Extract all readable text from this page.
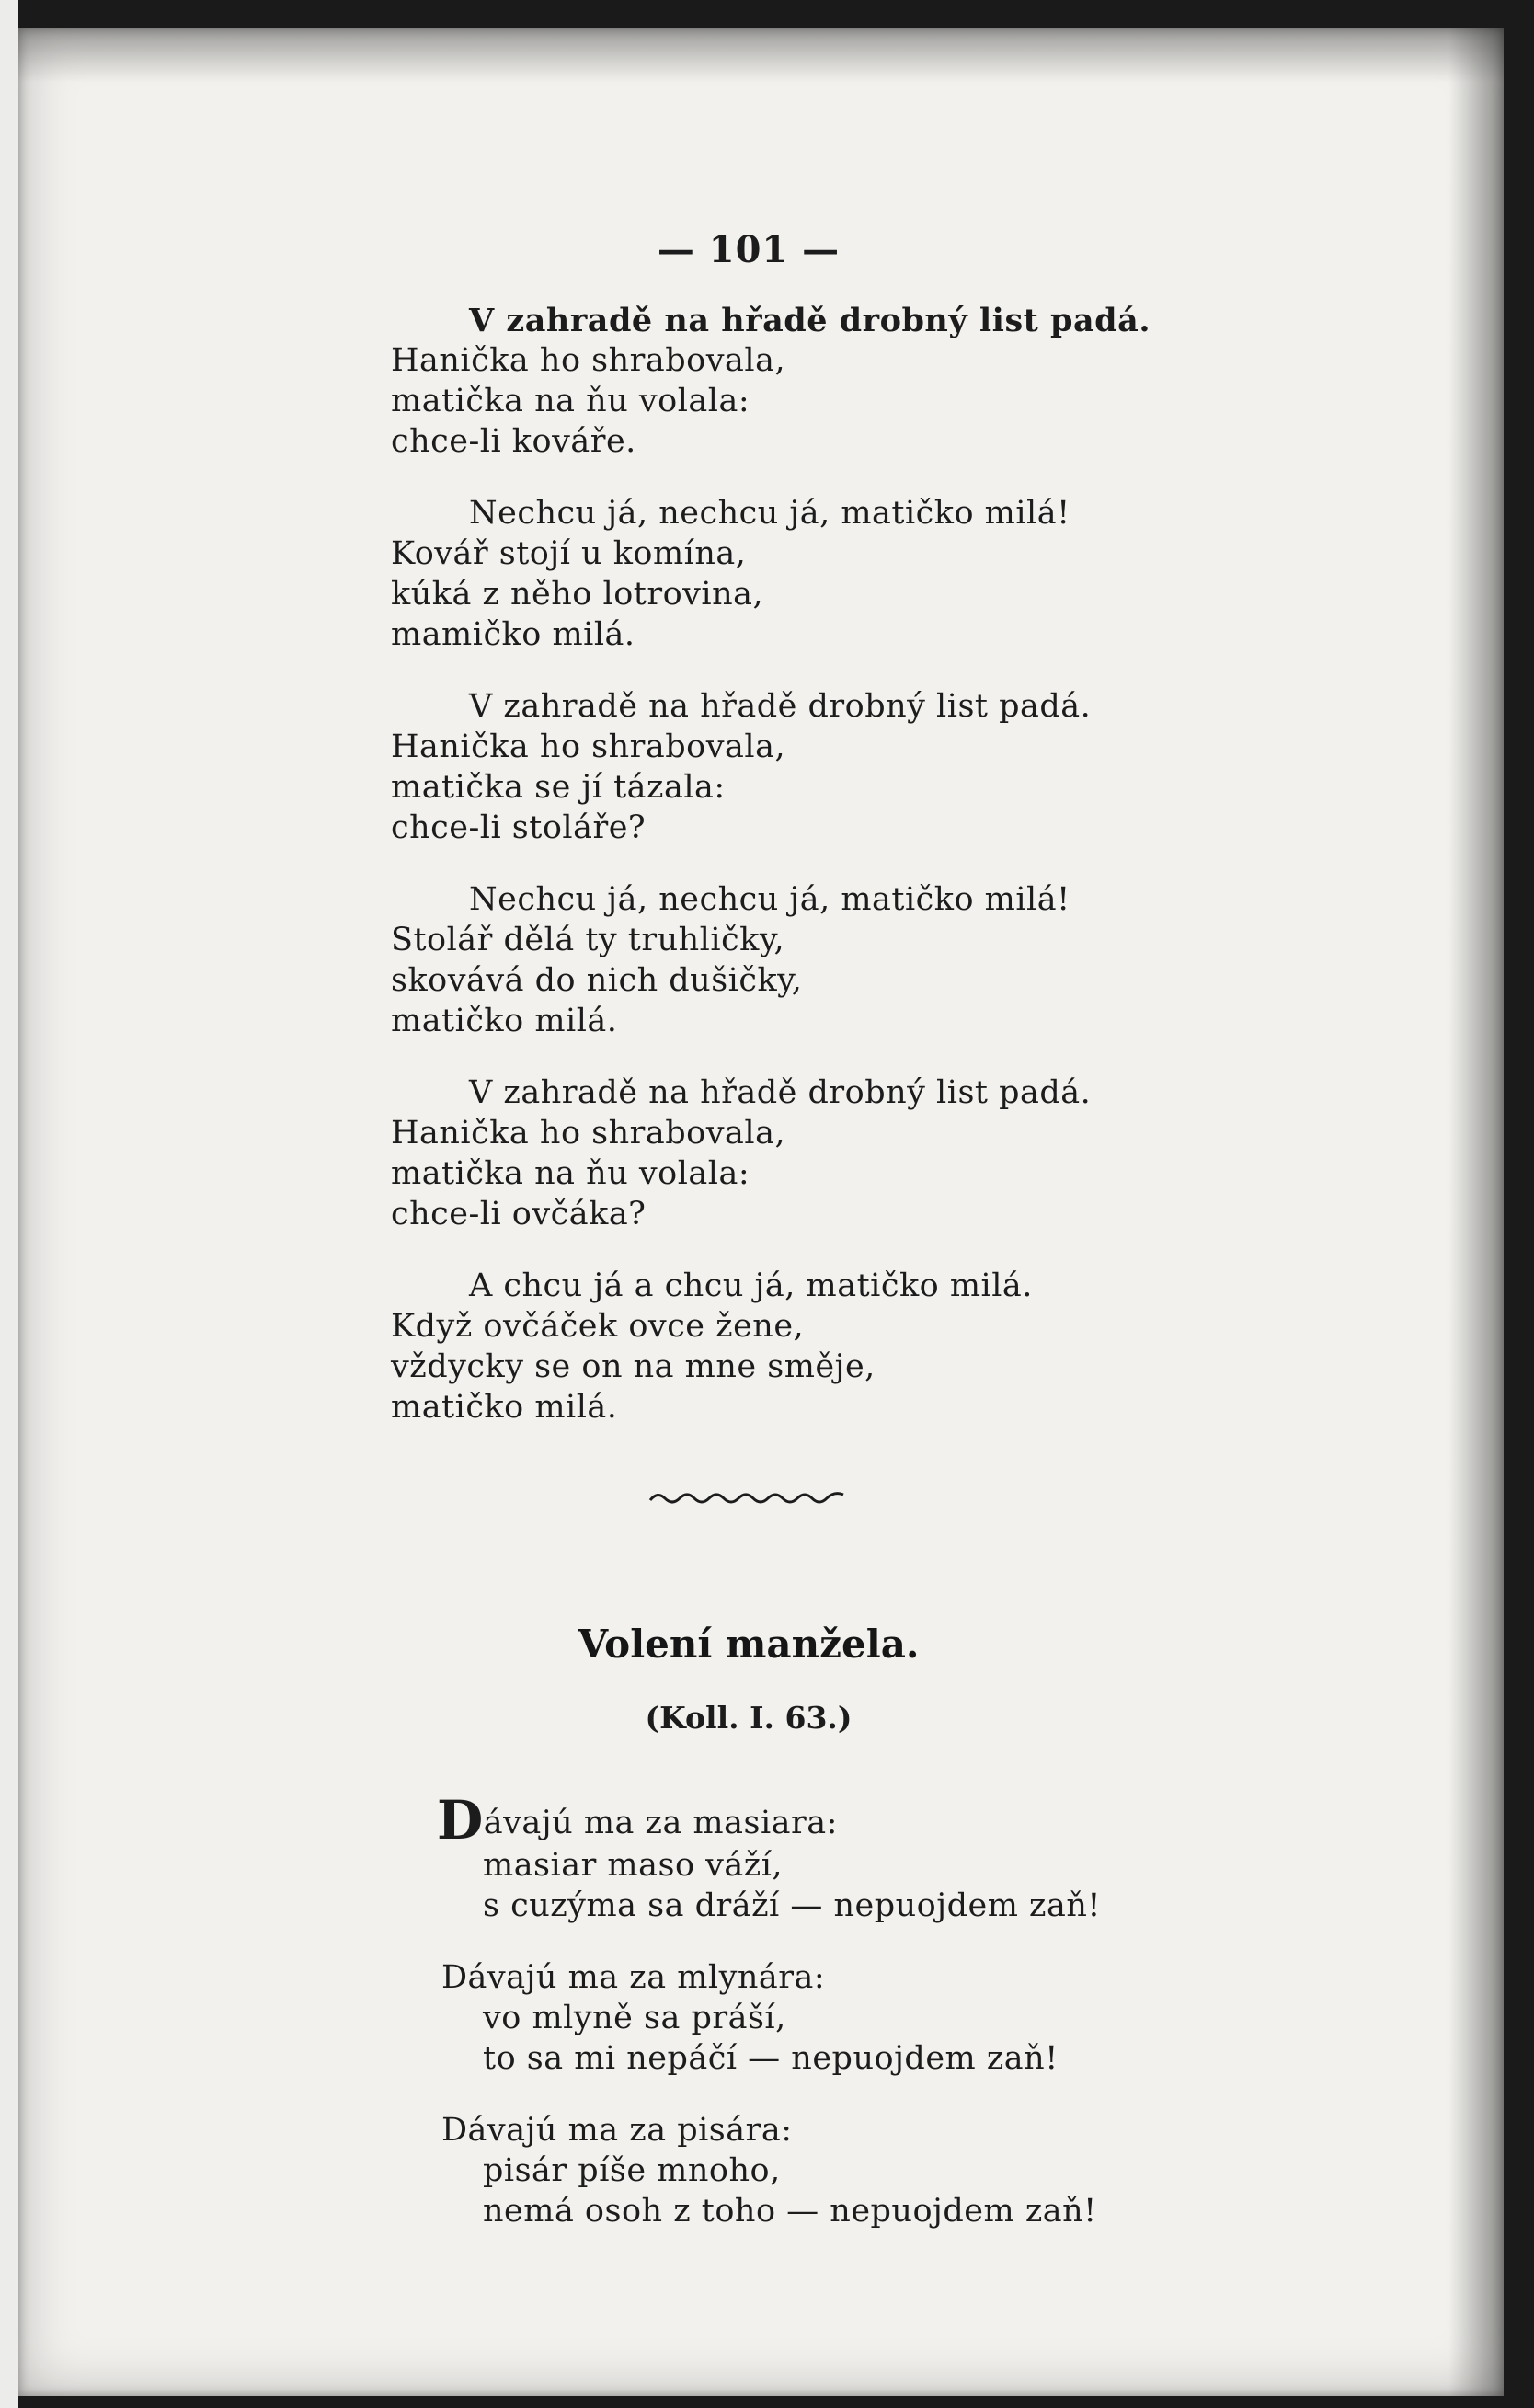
— 101 —
V zahradě na hřadě drobný list padá.
Hanička ho shrabovala,
matička na ňu volala:
chce-li kováře.
Nechcu já, nechcu já, matičko milá!
Kovář stojí u komína,
kúká z něho lotrovina,
mamičko milá.
V zahradě na hřadě drobný list padá.
Hanička ho shrabovala,
matička se jí tázala:
chce-li stoláře?
Nechcu já, nechcu já, matičko milá!
Stolář dělá ty truhličky,
skovává do nich dušičky,
matičko milá.
V zahradě na hřadě drobný list padá.
Hanička ho shrabovala,
matička na ňu volala:
chce-li ovčáka?
A chcu já a chcu já, matičko milá.
Když ovčáček ovce žene,
vždycky se on na mne směje,
matičko milá.
Volení manžela.
(Koll. I. 63.)
Dávajú ma za masiara:
masiar maso váží,
s cuzýma sa dráží — nepuojdem zaň!
Dávajú ma za mlynára:
vo mlyně sa práší,
to sa mi nepáčí — nepuojdem zaň!
Dávajú ma za pisára:
pisár píše mnoho,
nemá osoh z toho — nepuojdem zaň!
